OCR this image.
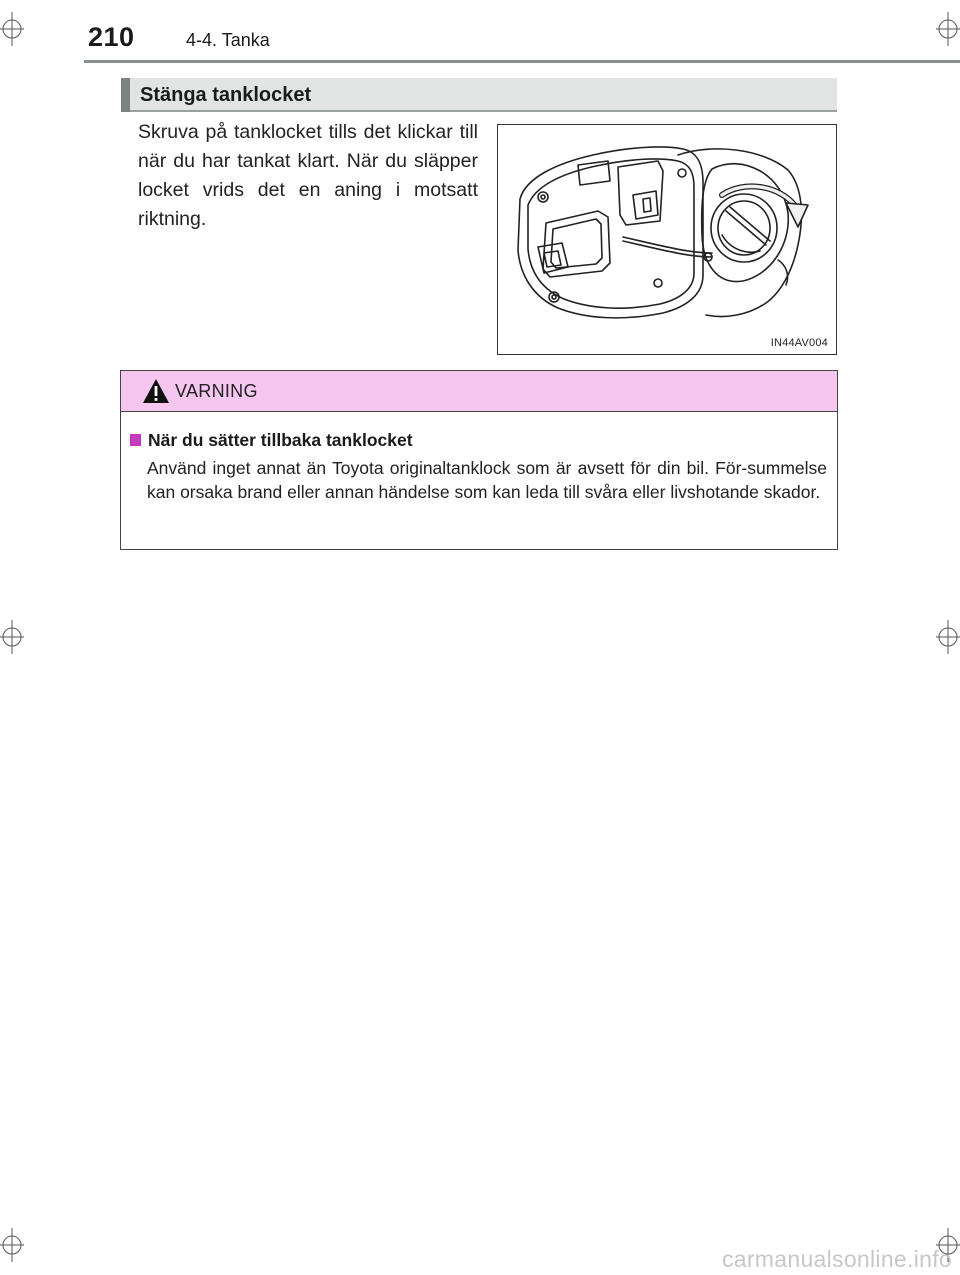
210	4-4. Tanka
Stänga tanklocket
Skruva på tanklocket tills det klickar till när du har tankat klart. När du släpper locket vrids det en aning i motsatt riktning.
IN44AV004
VARNING
När du sätter tillbaka tanklocket
Använd inget annat än Toyota originaltanklock som är avsett för din bil. För-summelse kan orsaka brand eller annan händelse som kan leda till svåra eller livshotande skador.
carmanualsonline.info
